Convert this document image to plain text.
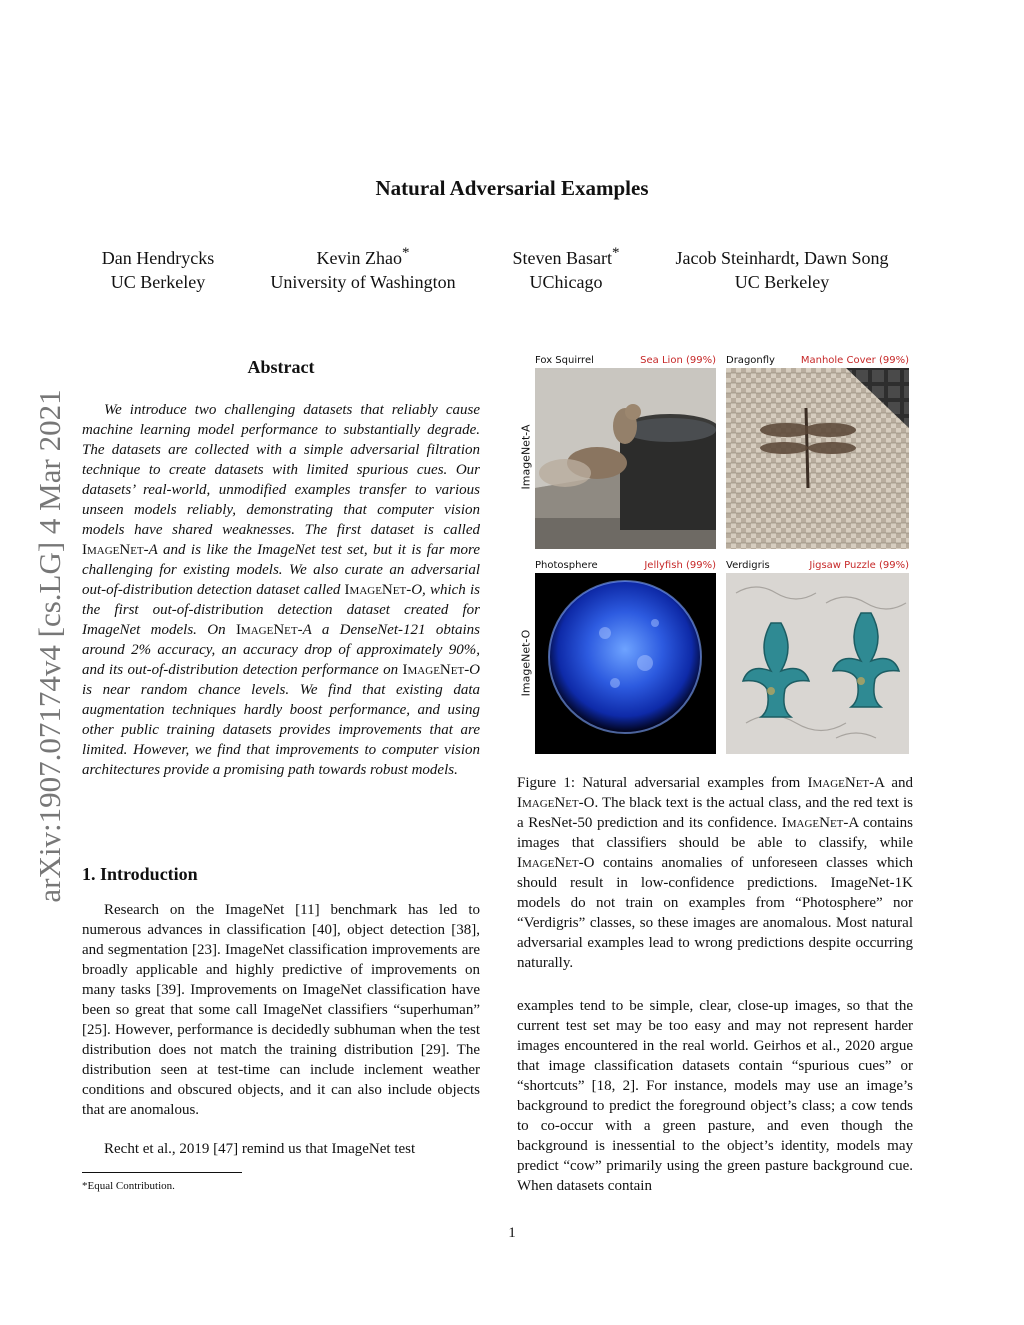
Natural Adversarial Examples
Dan Hendrycks
UC Berkeley
Kevin Zhao*
University of Washington
Steven Basart*
UChicago
Jacob Steinhardt, Dawn Song
UC Berkeley
arXiv:1907.07174v4 [cs.LG] 4 Mar 2021
Abstract

We introduce two challenging datasets that reliably cause machine learning model performance to substantially degrade. The datasets are collected with a simple adversarial filtration technique to create datasets with limited spurious cues. Our datasets’ real-world, unmodified examples transfer to various unseen models reliably, demonstrating that computer vision models have shared weaknesses. The first dataset is called ImageNet-A and is like the ImageNet test set, but it is far more challenging for existing models. We also curate an adversarial out-of-distribution detection dataset called ImageNet-O, which is the first out-of-distribution detection dataset created for ImageNet models. On ImageNet-A a DenseNet-121 obtains around 2% accuracy, an accuracy drop of approximately 90%, and its out-of-distribution detection performance on ImageNet-O is near random chance levels. We find that existing data augmentation techniques hardly boost performance, and using other public training datasets provides improvements that are limited. However, we find that improvements to computer vision architectures provide a promising path towards robust models.

1. Introduction

Research on the ImageNet [11] benchmark has led to numerous advances in classification [40], object detection [38], and segmentation [23]. ImageNet classification improvements are broadly applicable and highly predictive of improvements on many tasks [39]. Improvements on ImageNet classification have been so great that some call ImageNet classifiers “superhuman” [25]. However, performance is decidedly subhuman when the test distribution does not match the training distribution [29]. The distribution seen at test-time can include inclement weather conditions and obscured objects, and it can also include objects that are anomalous.

Recht et al., 2019 [47] remind us that ImageNet test

*Equal Contribution.
ImageNet-A
ImageNet-O
Fox Squirrel	Sea Lion (99%) Dragonfly	Manhole Cover (99%)
Photosphere	Jellyfish (99%) Verdigris	Jigsaw Puzzle (99%)
Figure 1: Natural adversarial examples from ImageNet-A and ImageNet-O. The black text is the actual class, and the red text is a ResNet-50 prediction and its confidence. ImageNet-A contains images that classifiers should be able to classify, while ImageNet-O contains anomalies of unforeseen classes which should result in low-confidence predictions. ImageNet-1K models do not train on examples from “Photosphere” nor “Verdigris” classes, so these images are anomalous. Most natural adversarial examples lead to wrong predictions despite occurring naturally.

examples tend to be simple, clear, close-up images, so that the current test set may be too easy and may not represent harder images encountered in the real world. Geirhos et al., 2020 argue that image classification datasets contain “spurious cues” or “shortcuts” [18, 2]. For instance, models may use an image’s background to predict the foreground object’s class; a cow tends to co-occur with a green pasture, and even though the background is inessential to the object’s identity, models may predict “cow” primarily using the green pasture background cue. When datasets contain

1
